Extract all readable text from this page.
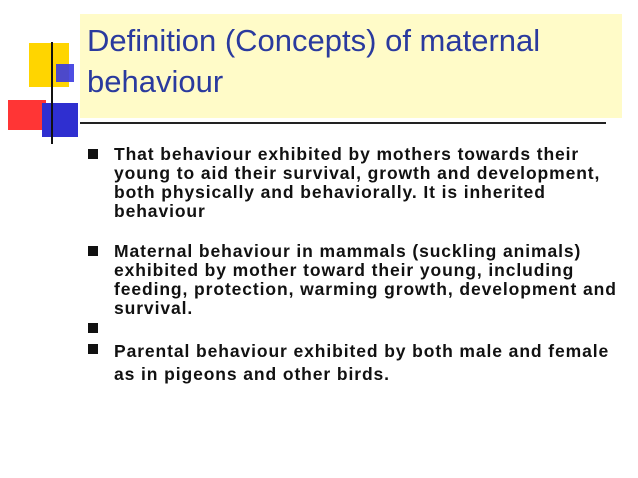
Definition (Concepts) of maternal behaviour
That behaviour exhibited by mothers towards their young to aid their survival, growth and development, both physically and behaviorally. It is inherited behaviour
Maternal behaviour in mammals (suckling animals) exhibited by mother toward their young, including feeding, protection, warming growth, development and survival.
Parental behaviour exhibited by both male and female as in pigeons and other birds.
